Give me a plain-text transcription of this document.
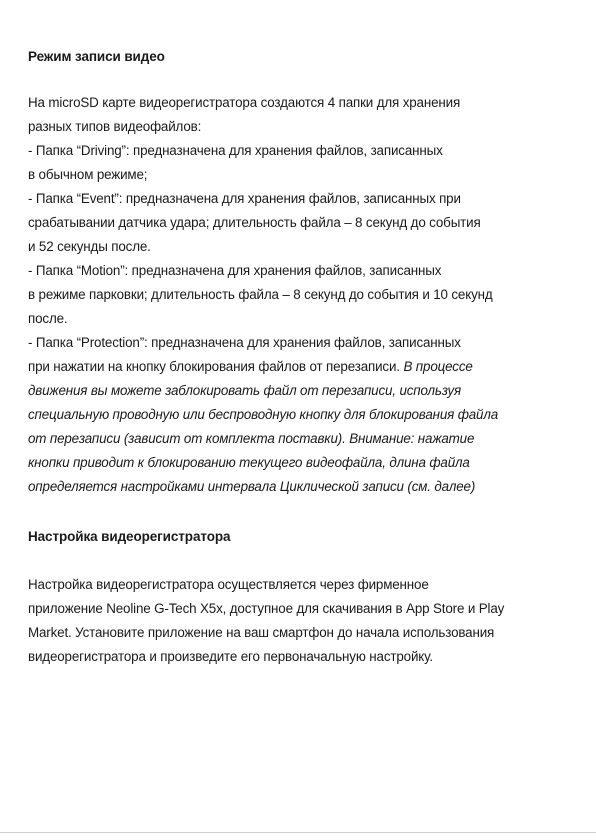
Режим записи видео
На microSD карте видеорегистратора создаются 4 папки для хранения
разных типов видеофайлов:
- Папка “Driving”: предназначена для хранения файлов, записанных
в обычном режиме;
- Папка “Event”: предназначена для хранения файлов, записанных при
срабатывании датчика удара; длительность файла – 8 секунд до события
и 52 секунды после.
- Папка “Motion”: предназначена для хранения файлов, записанных
в режиме парковки; длительность файла – 8 секунд до события и 10 секунд
после.
- Папка “Protection”: предназначена для хранения файлов, записанных
при нажатии на кнопку блокирования файлов от перезаписи. В процессе
движения вы можете заблокировать файл от перезаписи, используя
специальную проводную или беспроводную кнопку для блокирования файла
от перезаписи (зависит от комплекта поставки). Внимание: нажатие
кнопки приводит к блокированию текущего видеофайла, длина файла
определяется настройками интервала Циклической записи (см. далее)
Настройка видеорегистратора
Настройка видеорегистратора осуществляется через фирменное
приложение Neoline G-Tech X5x, доступное для скачивания в App Store и Play
Market. Установите приложение на ваш смартфон до начала использования
видеорегистратора и произведите его первоначальную настройку.
